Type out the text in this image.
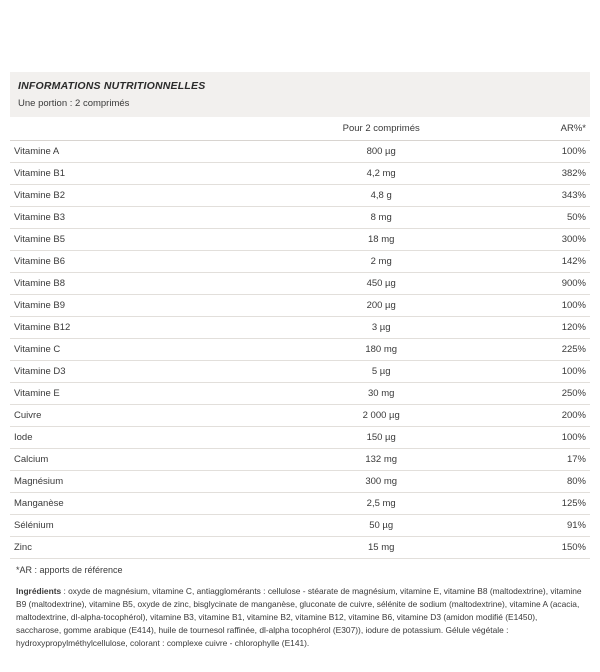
INFORMATIONS NUTRITIONNELLES
Une portion : 2 comprimés
	Pour 2 comprimés	AR%*
Vitamine A	800 µg	100%
Vitamine B1	4,2 mg	382%
Vitamine B2	4,8 g	343%
Vitamine B3	8 mg	50%
Vitamine B5	18 mg	300%
Vitamine B6	2 mg	142%
Vitamine B8	450 µg	900%
Vitamine B9	200 µg	100%
Vitamine B12	3 µg	120%
Vitamine C	180 mg	225%
Vitamine D3	5 µg	100%
Vitamine E	30 mg	250%
Cuivre	2 000 µg	200%
Iode	150 µg	100%
Calcium	132 mg	17%
Magnésium	300 mg	80%
Manganèse	2,5 mg	125%
Sélénium	50 µg	91%
Zinc	15 mg	150%
*AR : apports de référence
Ingrédients : oxyde de magnésium, vitamine C, antiagglomérants : cellulose - stéarate de magnésium, vitamine E, vitamine B8 (maltodextrine), vitamine B9 (maltodextrine), vitamine B5, oxyde de zinc, bisglycinate de manganèse, gluconate de cuivre, sélénite de sodium (maltodextrine), vitamine A (acacia, maltodextrine, dl-alpha-tocophérol), vitamine B3, vitamine B1, vitamine B2, vitamine B12, vitamine B6, vitamine D3 (amidon modifié (E1450), saccharose, gomme arabique (E414), huile de tournesol raffinée, dl-alpha tocophérol (E307)), iodure de potassium. Gélule végétale : hydroxypropylméthylcellulose, colorant : complexe cuivre - chlorophylle (E141).
